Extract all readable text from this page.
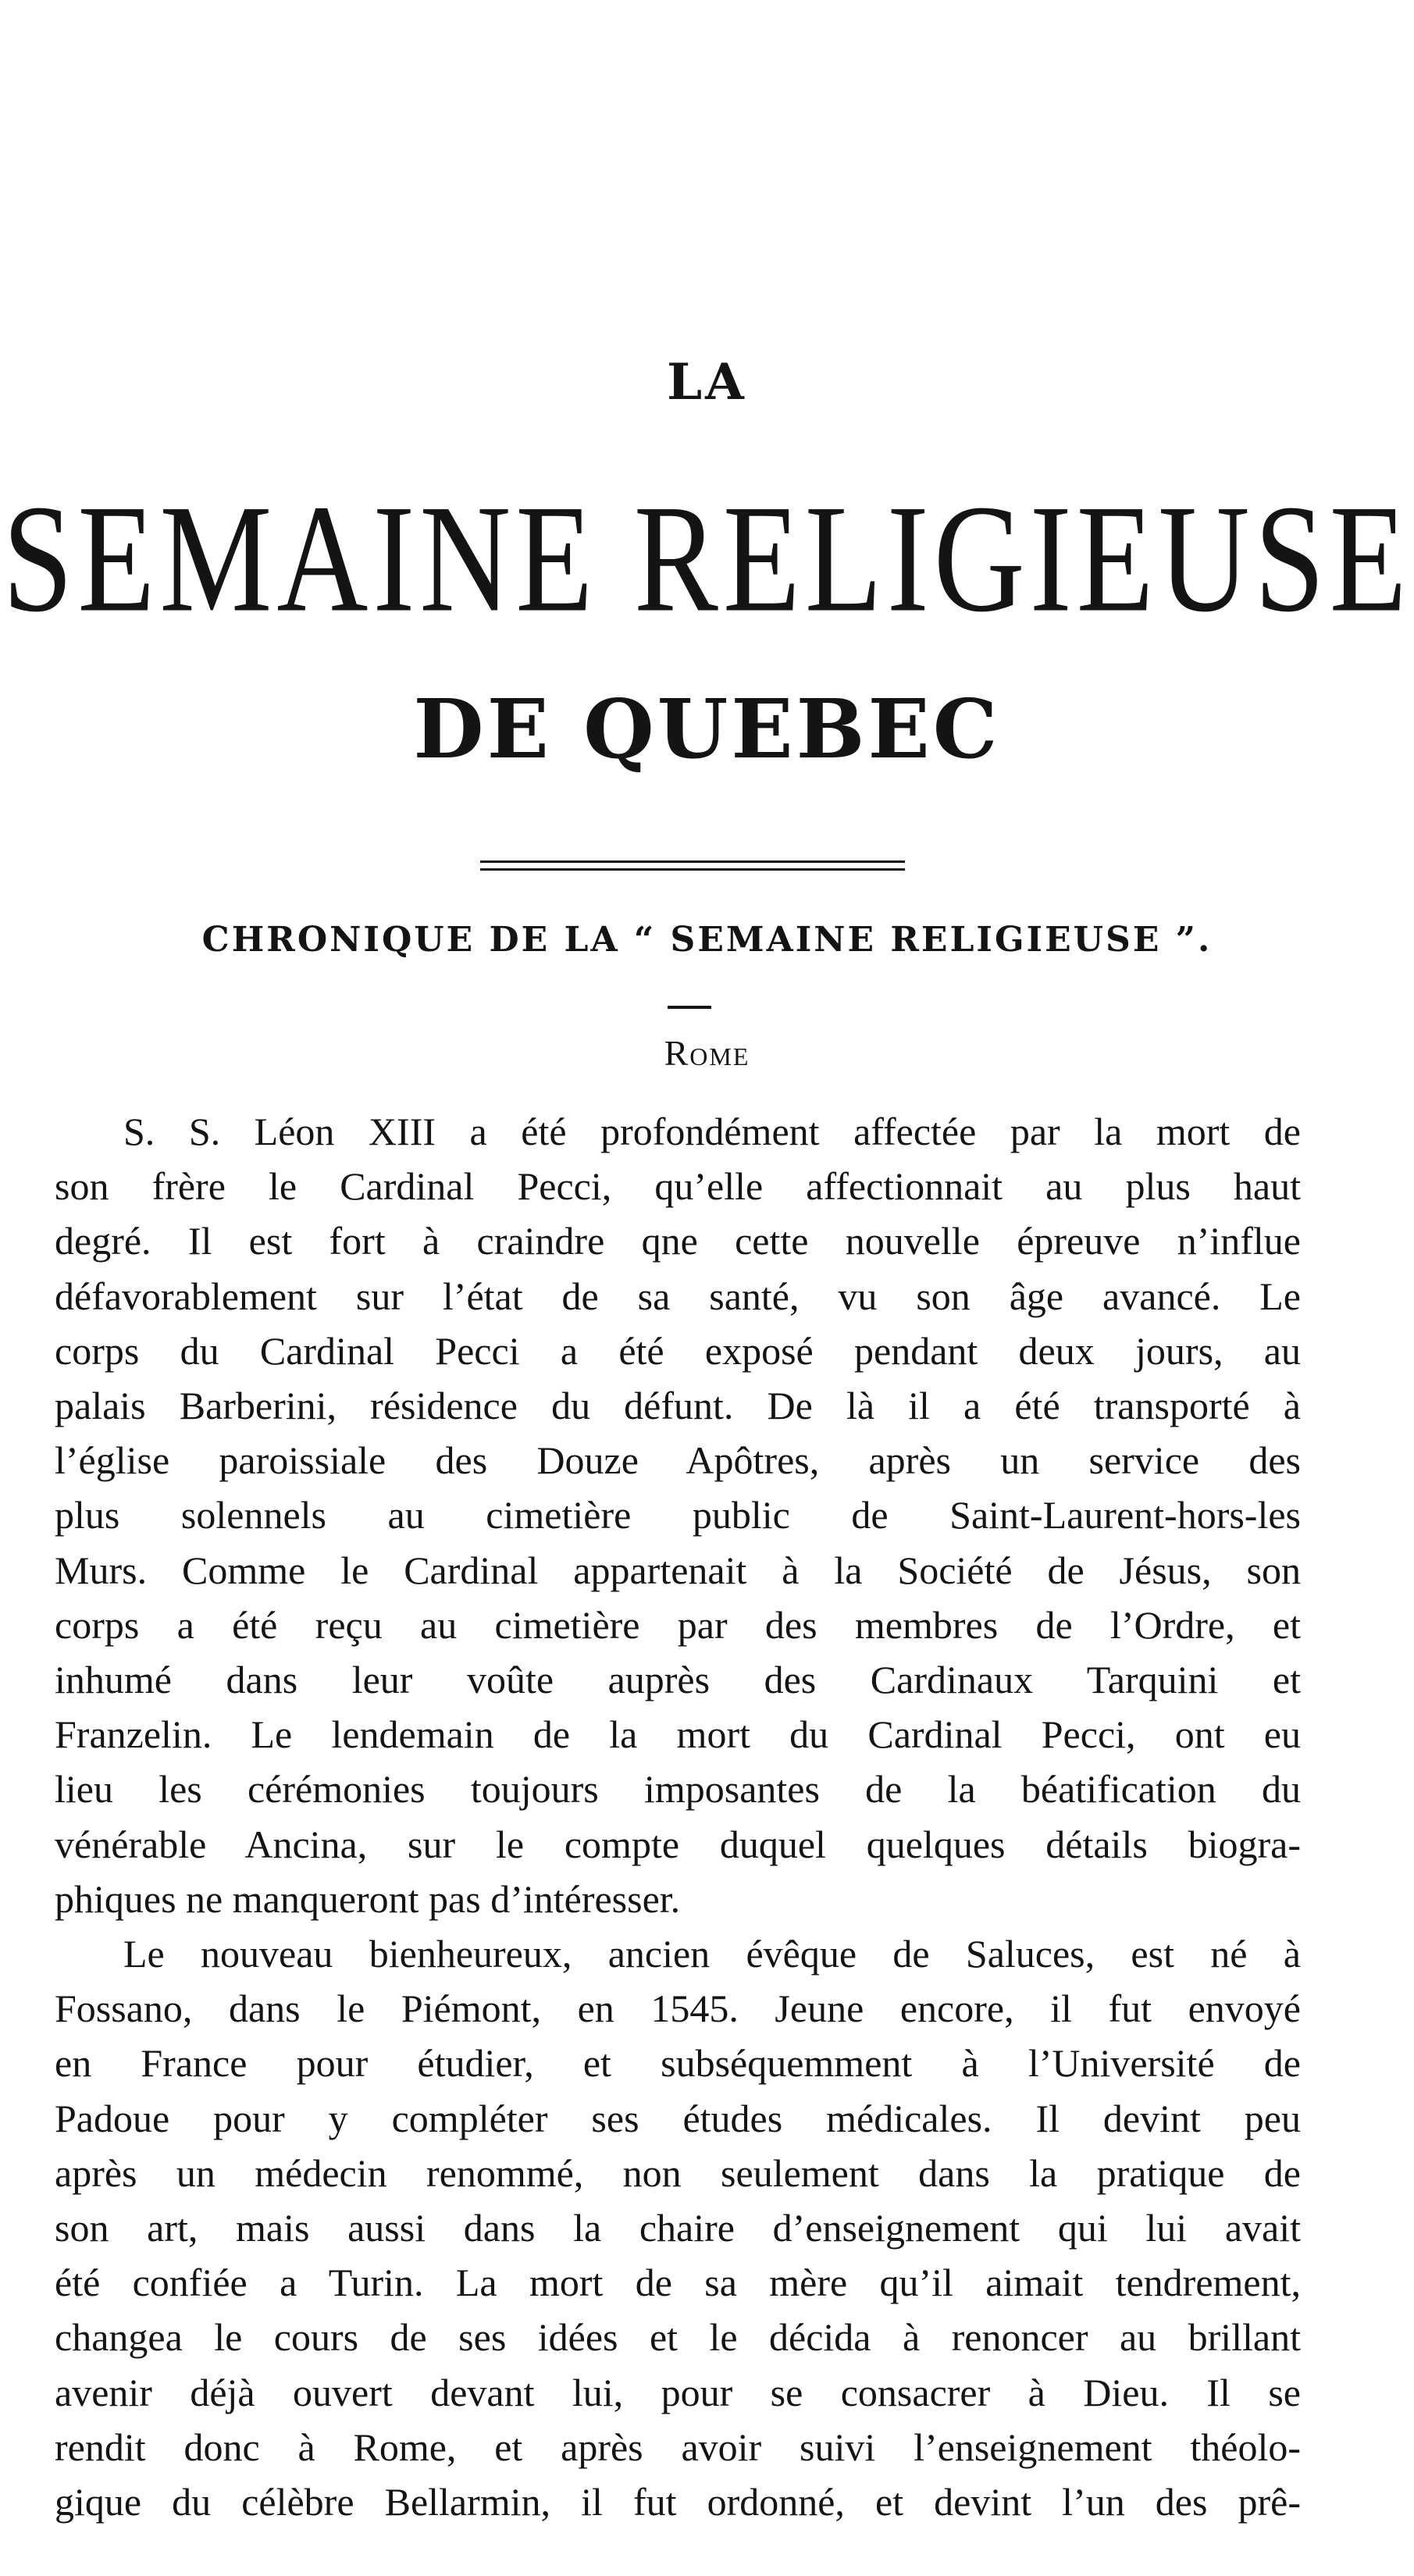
LA
SEMAINE RELIGIEUSE
DE QUEBEC
CHRONIQUE DE LA “ SEMAINE RELIGIEUSE ”.
Rome

S. S. Léon XIII a été profondément affectée par la mort de
son frère le Cardinal Pecci, qu’elle affectionnait au plus haut
degré. Il est fort à craindre qne cette nouvelle épreuve n’influe
défavorablement sur l’état de sa santé, vu son âge avancé. Le
corps du Cardinal Pecci a été exposé pendant deux jours, au
palais Barberini, résidence du défunt. De là il a été transporté à
l’église paroissiale des Douze Apôtres, après un service des
plus solennels au cimetière public de Saint-Laurent-hors-les
Murs. Comme le Cardinal appartenait à la Société de Jésus, son
corps a été reçu au cimetière par des membres de l’Ordre, et
inhumé dans leur voûte auprès des Cardinaux Tarquini et
Franzelin. Le lendemain de la mort du Cardinal Pecci, ont eu
lieu les cérémonies toujours imposantes de la béatification du
vénérable Ancina, sur le compte duquel quelques détails biogra-
phiques ne manqueront pas d’intéresser.

Le nouveau bienheureux, ancien évêque de Saluces, est né à
Fossano, dans le Piémont, en 1545. Jeune encore, il fut envoyé
en France pour étudier, et subséquemment à l’Université de
Padoue pour y compléter ses études médicales. Il devint peu
après un médecin renommé, non seulement dans la pratique de
son art, mais aussi dans la chaire d’enseignement qui lui avait
été confiée a Turin. La mort de sa mère qu’il aimait tendrement,
changea le cours de ses idées et le décida à renoncer au brillant
avenir déjà ouvert devant lui, pour se consacrer à Dieu. Il se
rendit donc à Rome, et après avoir suivi l’enseignement théolo-
gique du célèbre Bellarmin, il fut ordonné, et devint l’un des prê-
